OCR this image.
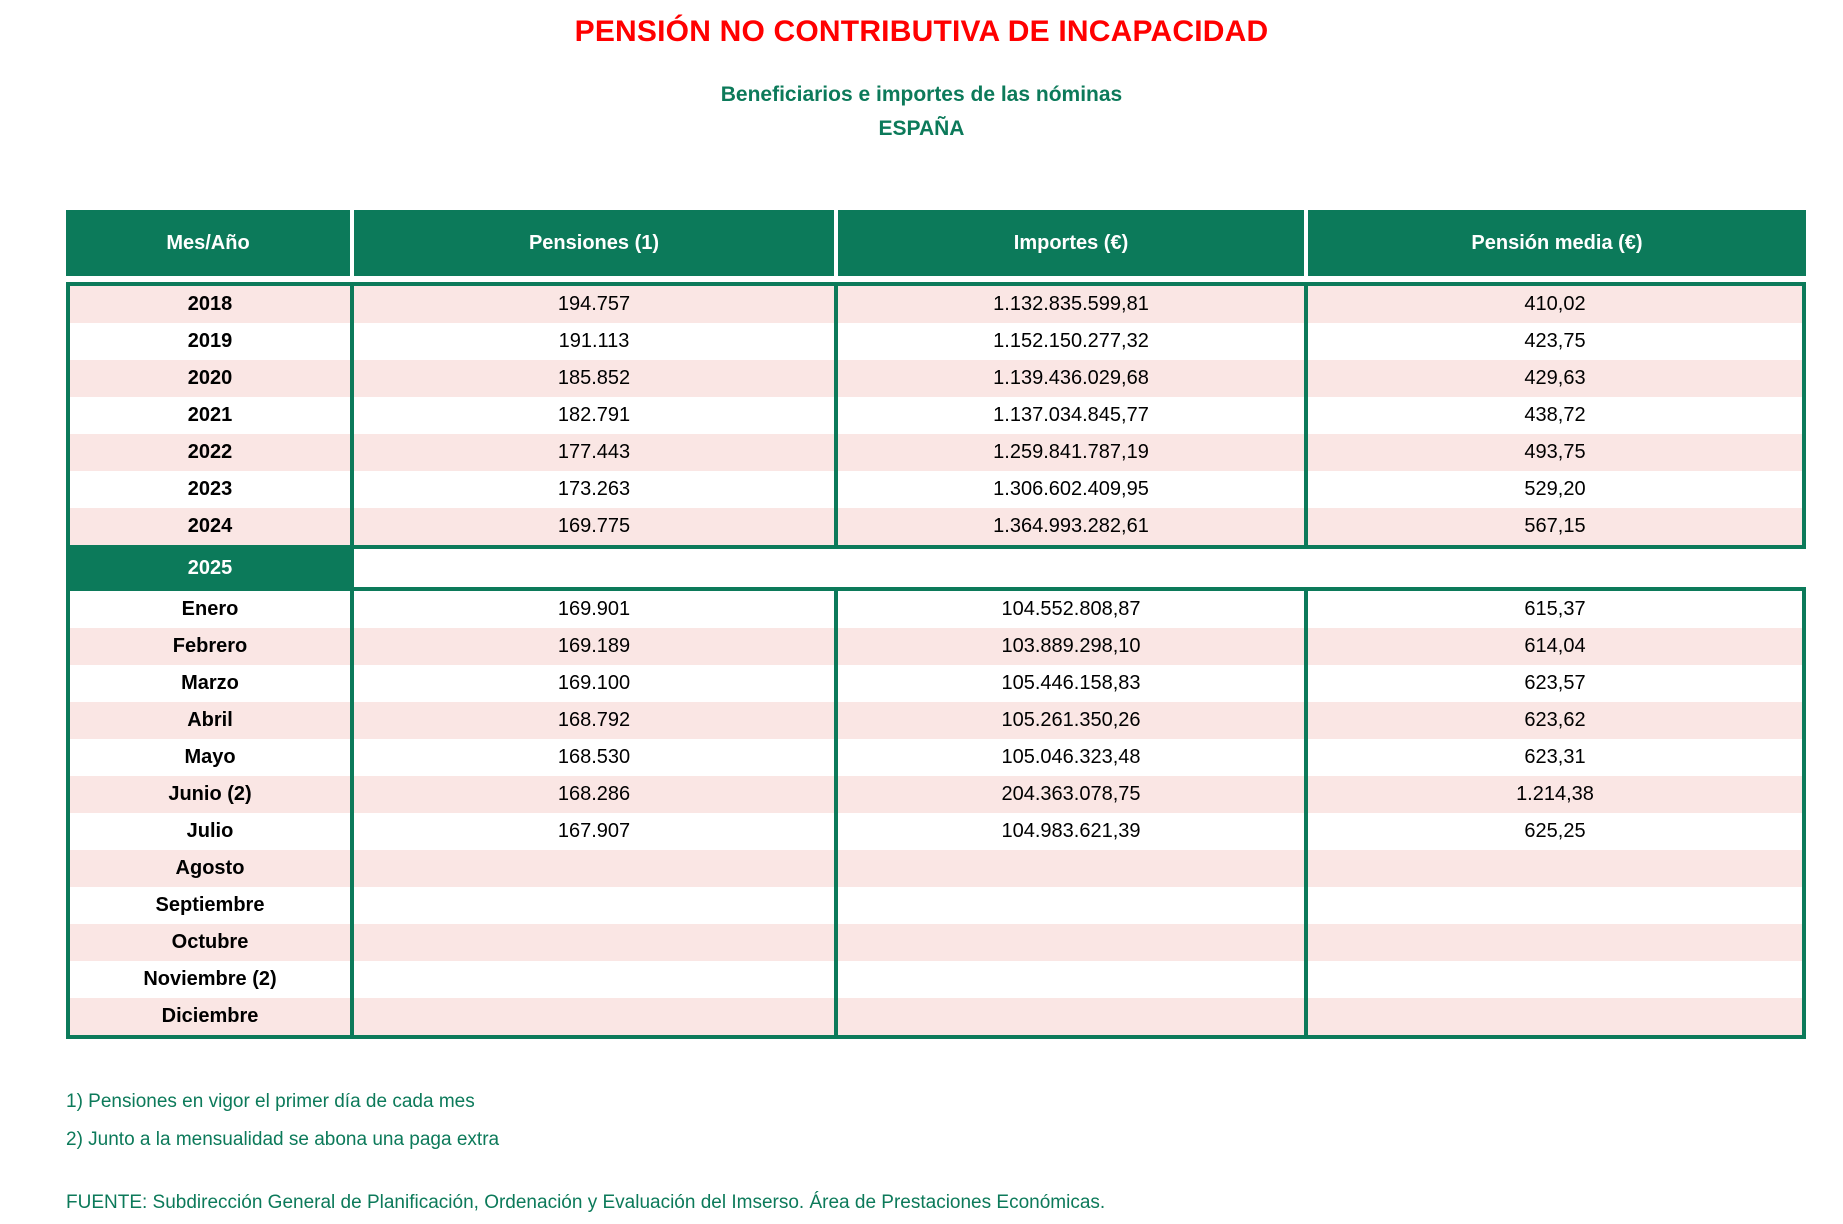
PENSIÓN NO CONTRIBUTIVA DE INCAPACIDAD
Beneficiarios e importes de las nóminas
ESPAÑA
Mes/Año	Pensiones (1)	Importes (€)	Pensión media (€)

2018	194.757	1.132.835.599,81	410,02
2019	191.113	1.152.150.277,32	423,75
2020	185.852	1.139.436.029,68	429,63
2021	182.791	1.137.034.845,77	438,72
2022	177.443	1.259.841.787,19	493,75
2023	173.263	1.306.602.409,95	529,20
2024	169.775	1.364.993.282,61	567,15
2025			
Enero	169.901	104.552.808,87	615,37
Febrero	169.189	103.889.298,10	614,04
Marzo	169.100	105.446.158,83	623,57
Abril	168.792	105.261.350,26	623,62
Mayo	168.530	105.046.323,48	623,31
Junio (2)	168.286	204.363.078,75	1.214,38
Julio	167.907	104.983.621,39	625,25
Agosto			
Septiembre			
Octubre			
Noviembre (2)			
Diciembre			
1) Pensiones en vigor el primer día de cada mes
2) Junto a la mensualidad se abona una paga extra
FUENTE: Subdirección General de Planificación, Ordenación y Evaluación del Imserso. Área de Prestaciones Económicas.
